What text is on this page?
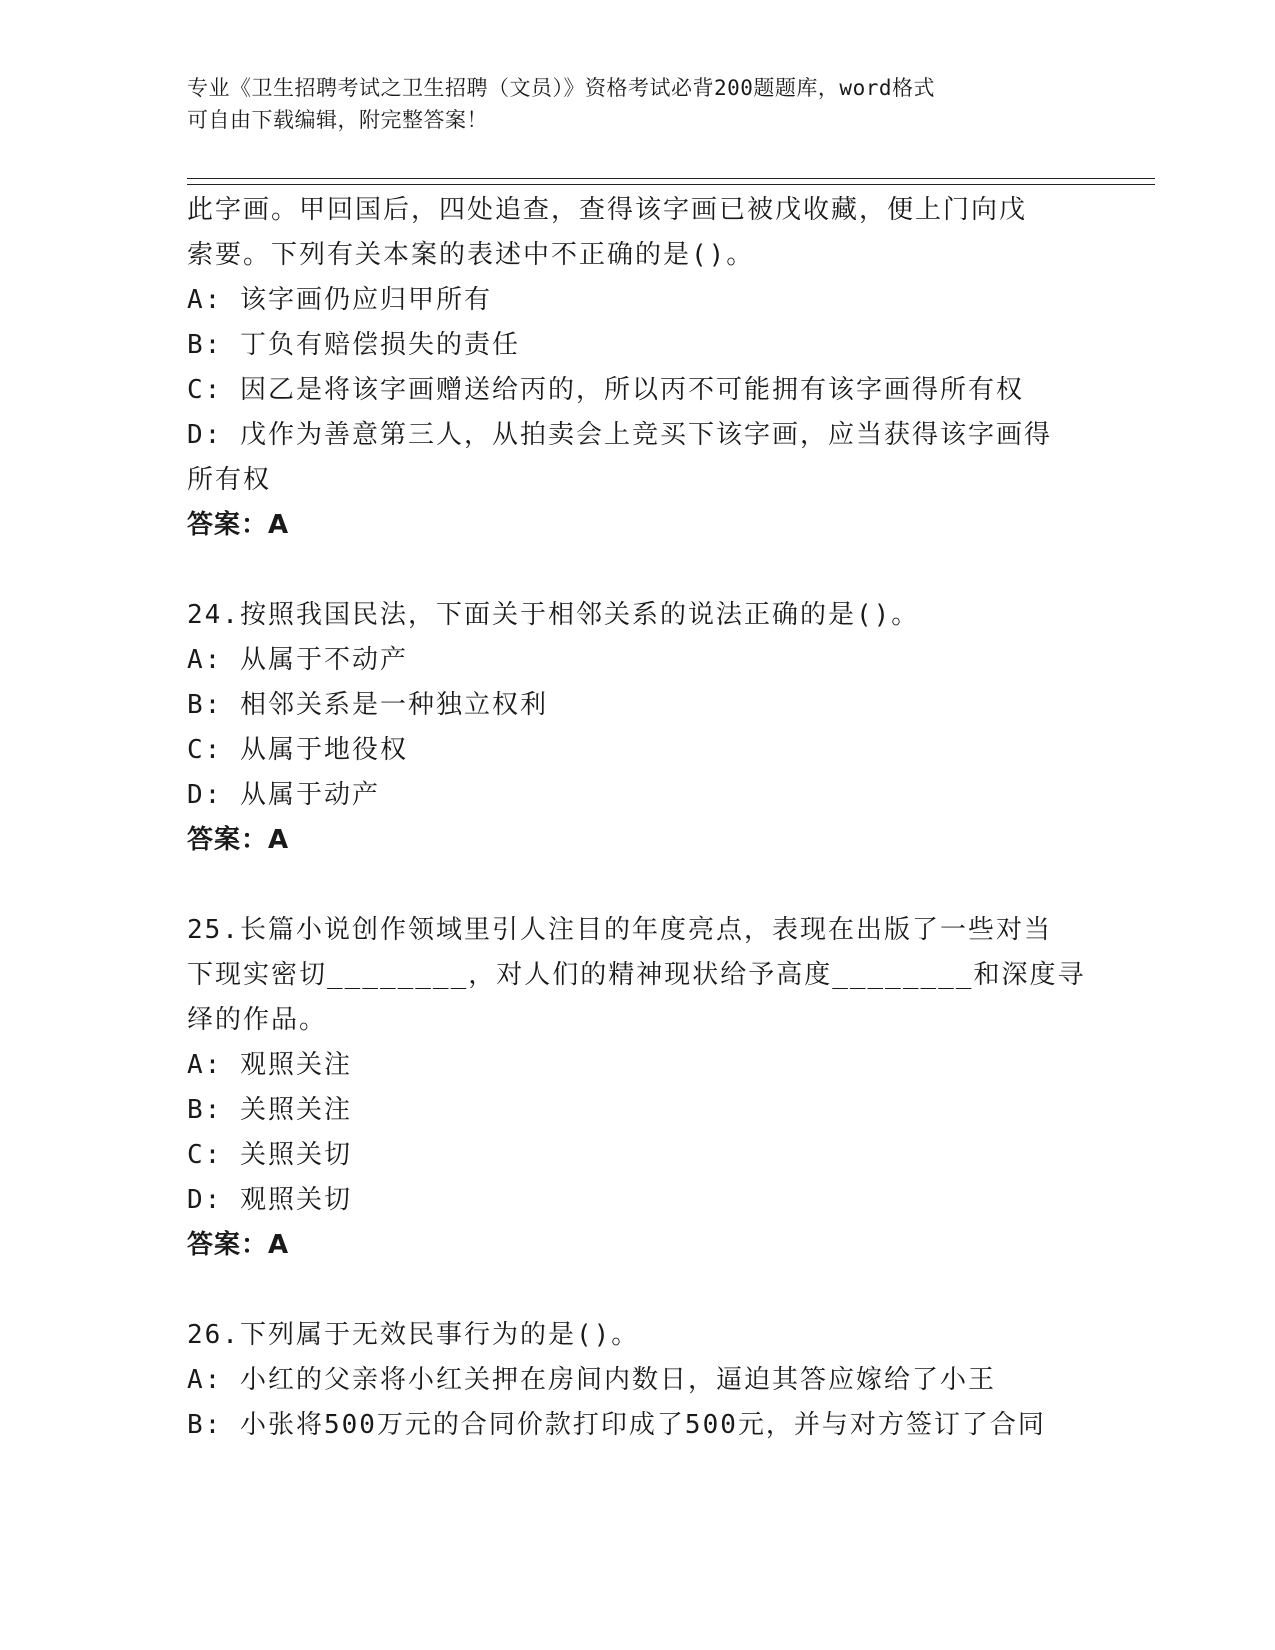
专业《卫生招聘考试之卫生招聘（文员）》资格考试必背200题题库，word格式
可自由下载编辑，附完整答案！
此字画。甲回国后，四处追查，查得该字画已被戊收藏，便上门向戊
索要。下列有关本案的表述中不正确的是()。
A: 该字画仍应归甲所有
B: 丁负有赔偿损失的责任
C: 因乙是将该字画赠送给丙的，所以丙不可能拥有该字画得所有权
D: 戊作为善意第三人，从拍卖会上竞买下该字画，应当获得该字画得
所有权
答案：A
24.按照我国民法，下面关于相邻关系的说法正确的是()。
A: 从属于不动产
B: 相邻关系是一种独立权利
C: 从属于地役权
D: 从属于动产
答案：A
25.长篇小说创作领域里引人注目的年度亮点，表现在出版了一些对当
下现实密切________，对人们的精神现状给予高度________和深度寻
绎的作品。
A: 观照关注
B: 关照关注
C: 关照关切
D: 观照关切
答案：A
26.下列属于无效民事行为的是()。
A: 小红的父亲将小红关押在房间内数日，逼迫其答应嫁给了小王
B: 小张将500万元的合同价款打印成了500元，并与对方签订了合同
